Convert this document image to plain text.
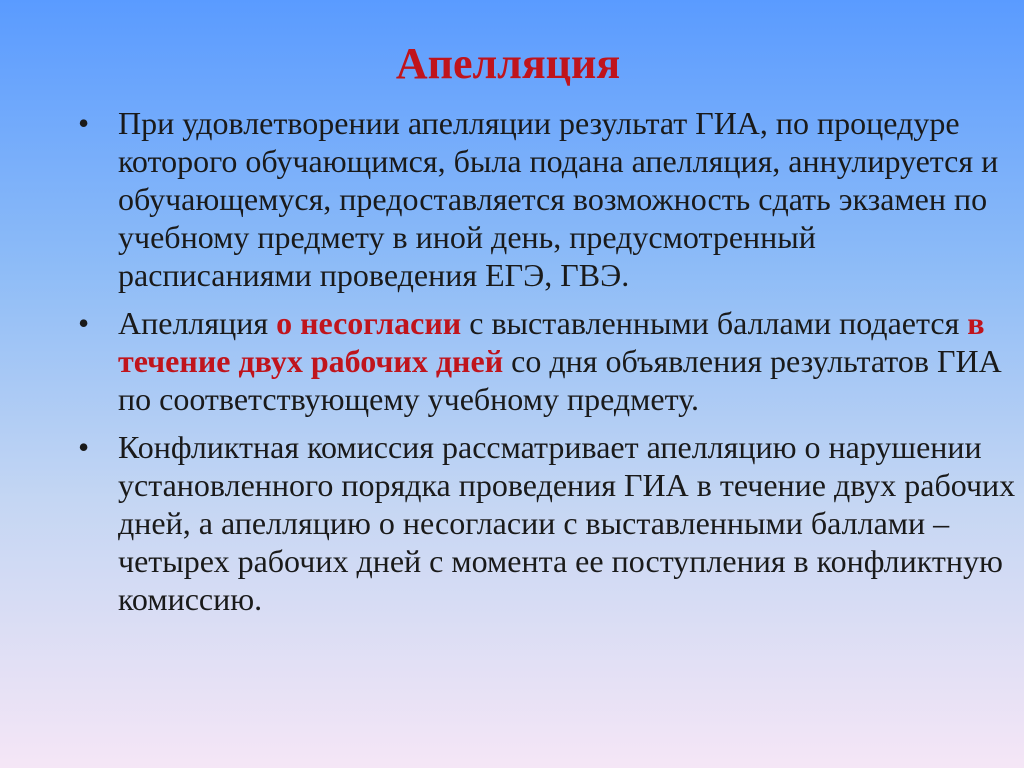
Апелляция
• При удовлетворении апелляции результат ГИА, по процедуре которого обучающимся, была подана апелляция, аннулируется и обучающемуся, предоставляется возможность сдать экзамен по учебному предмету в иной день, предусмотренный расписаниями проведения ЕГЭ, ГВЭ.
• Апелляция о несогласии с выставленными баллами подается в течение двух рабочих дней со дня объявления результатов ГИА по соответствующему учебному предмету.
• Конфликтная комиссия рассматривает апелляцию о нарушении установленного порядка проведения ГИА в течение двух рабочих дней, а апелляцию о несогласии с выставленными баллами – четырех рабочих дней с момента ее поступления в конфликтную комиссию.
